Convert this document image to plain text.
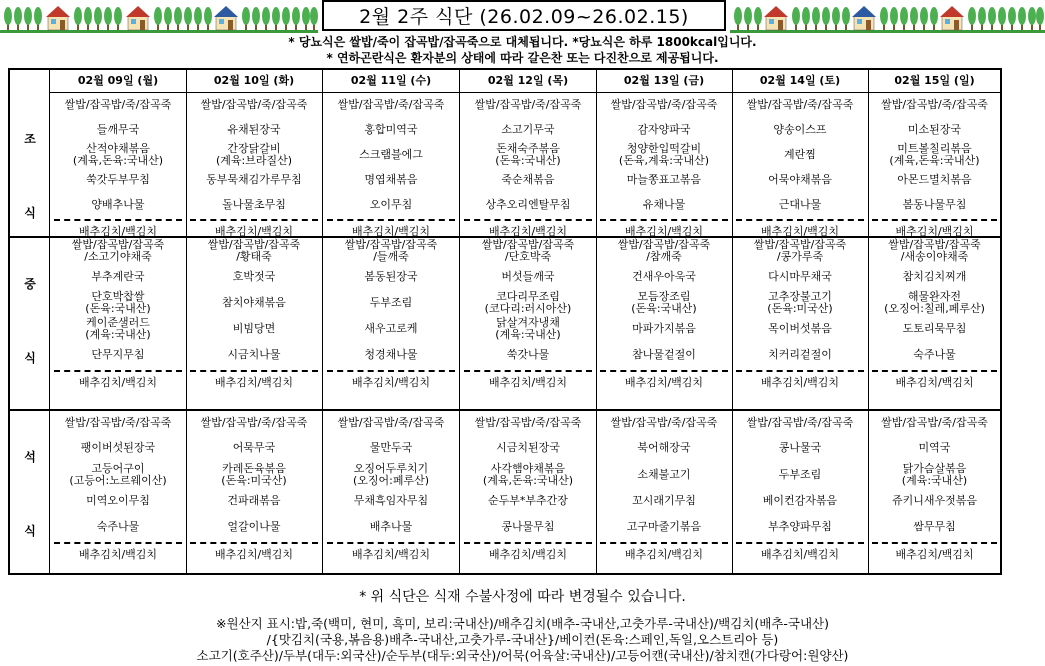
2월 2주 식단 (26.02.09~26.02.15)
* 당뇨식은 쌀밥/죽이 잡곡밥/잡곡죽으로 대체됩니다. *당뇨식은 하루 1800kcal입니다.
* 연하곤란식은 환자분의 상태에 따라 갈은찬 또는 다진찬으로 제공됩니다.
조
식
중
식
석
식
02월 09일 (월)
쌀밥/잡곡밥/죽/잡곡죽
들깨무국
산적야채볶음
(계육,돈육:국내산)
쑥갓두부무침
양배추나물
배추김치/백김치
쌀밥/잡곡밥/잡곡죽
/소고기야채죽
부추계란국
단호박찹쌀
(돈육:국내산)
케이준샐러드
(계육:국내산)
단무지무침
배추김치/백김치
쌀밥/잡곡밥/죽/잡곡죽
팽이버섯된장국
고등어구이
(고등어:노르웨이산)
미역오이무침
숙주나물
배추김치/백김치
02월 10일 (화)
쌀밥/잡곡밥/죽/잡곡죽
유채된장국
간장닭갈비
(계육:브라질산)
동부묵채김가루무침
돌나물초무침
배추김치/백김치
쌀밥/잡곡밥/잡곡죽
/황태죽
호박젓국
참치야채볶음
비빔당면
시금치나물
배추김치/백김치
쌀밥/잡곡밥/죽/잡곡죽
어묵무국
카레돈육볶음
(돈육:미국산)
건파래볶음
얼갈이나물
배추김치/백김치
02월 11일 (수)
쌀밥/잡곡밥/죽/잡곡죽
홍합미역국
스크램블에그
명엽채볶음
오이무침
배추김치/백김치
쌀밥/잡곡밥/잡곡죽
/들깨죽
봄동된장국
두부조림
새우고로케
청경채나물
배추김치/백김치
쌀밥/잡곡밥/죽/잡곡죽
물만두국
오징어두루치기
(오징어:페루산)
무채흑임자무침
배추나물
배추김치/백김치
02월 12일 (목)
쌀밥/잡곡밥/죽/잡곡죽
소고기무국
돈채숙주볶음
(돈육:국내산)
죽순채볶음
상추오리엔탈무침
배추김치/백김치
쌀밥/잡곡밥/잡곡죽
/단호박죽
버섯들깨국
코다리무조림
(코다리:러시아산)
닭살겨자냉채
(계육:국내산)
쑥갓나물
배추김치/백김치
쌀밥/잡곡밥/죽/잡곡죽
시금치된장국
사각햄야채볶음
(계육,돈육:국내산)
순두부*부추간장
콩나물무침
배추김치/백김치
02월 13일 (금)
쌀밥/잡곡밥/죽/잡곡죽
감자양파국
청양한입떡갈비
(돈육,계육:국내산)
마늘쫑표고볶음
유채나물
배추김치/백김치
쌀밥/잡곡밥/잡곡죽
/참깨죽
건새우아욱국
모듬장조림
(돈육:국내산)
마파가지볶음
참나물겉절이
배추김치/백김치
쌀밥/잡곡밥/죽/잡곡죽
북어해장국
소채불고기
꼬시래기무침
고구마줄기볶음
배추김치/백김치
02월 14일 (토)
쌀밥/잡곡밥/죽/잡곡죽
양송이스프
계란찜
어묵야채볶음
근대나물
배추김치/백김치
쌀밥/잡곡밥/잡곡죽
/콩가루죽
다시마무채국
고추장불고기
(돈육:미국산)
목이버섯볶음
치커리겉절이
배추김치/백김치
쌀밥/잡곡밥/죽/잡곡죽
콩나물국
두부조림
베이컨감자볶음
부추양파무침
배추김치/백김치
02월 15일 (일)
쌀밥/잡곡밥/죽/잡곡죽
미소된장국
미트볼칠리볶음
(계육,돈육:국내산)
아몬드멸치볶음
봄동나물무침
배추김치/백김치
쌀밥/잡곡밥/잡곡죽
/새송이야채죽
참치김치찌개
해물완자전
(오징어:칠레,페루산)
도토리묵무침
숙주나물
배추김치/백김치
쌀밥/잡곡밥/죽/잡곡죽
미역국
닭가슴살볶음
(계육:국내산)
쥬키니새우젓볶음
쌈무무침
배추김치/백김치
* 위 식단은 식재 수불사정에 따라 변경될수 있습니다.
※원산지 표시:밥,죽(백미, 현미, 흑미, 보리:국내산)/배추김치(배추-국내산,고춧가루-국내산)/백김치(배추-국내산)
/{맛김치(국용,볶음용)배추-국내산,고춧가루-국내산}/베이컨(돈육:스페인,독일,오스트리아 등)
소고기(호주산)/두부(대두:외국산)/순두부(대두:외국산)/어묵(어육살:국내산)/고등어캔(국내산)/참치캔(가다랑어:원양산)
